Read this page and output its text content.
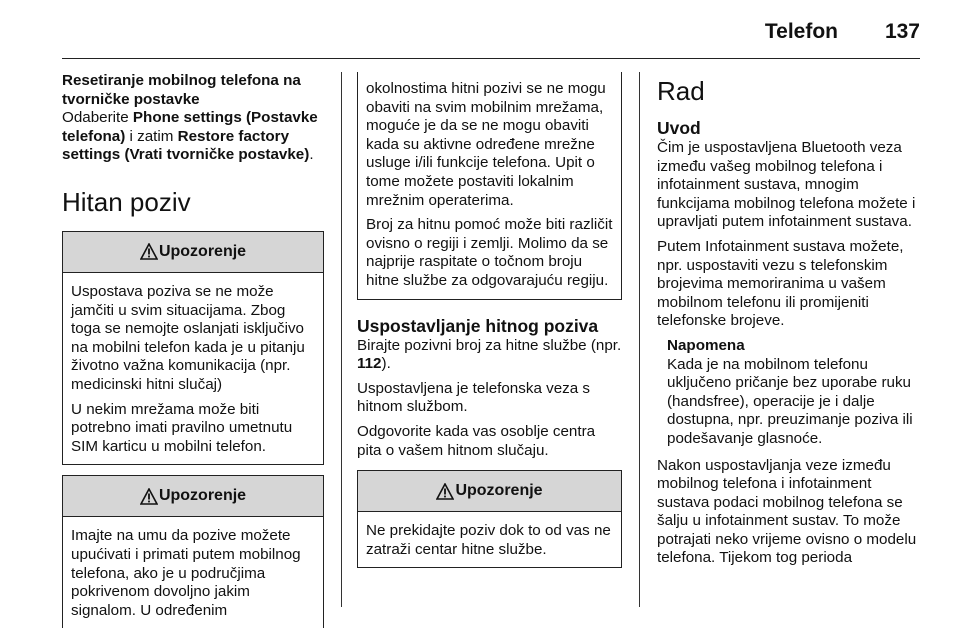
Telefon 137
Resetiranje mobilnog telefona na tvorničke postavke

Odaberite Phone settings (Postavke telefona) i zatim Restore factory settings (Vrati tvorničke postavke).

Hitan poziv
Upozorenje

Uspostava poziva se ne može jamčiti u svim situacijama. Zbog toga se nemojte oslanjati isključivo na mobilni telefon kada je u pitanju životno važna komunikacija (npr. medicinski hitni slučaj)

U nekim mrežama može biti potrebno imati pravilno umetnutu SIM karticu u mobilni telefon.

Upozorenje

Imajte na umu da pozive možete upućivati i primati putem mobilnog telefona, ako je u područjima pokrivenom dovoljno jakim signalom. U određenim

okolnostima hitni pozivi se ne mogu obaviti na svim mobilnim mrežama, moguće je da se ne mogu obaviti kada su aktivne određene mrežne usluge i/ili funkcije telefona. Upit o tome možete postaviti lokalnim mrežnim operaterima.

Broj za hitnu pomoć može biti različit ovisno o regiji i zemlji. Molimo da se najprije raspitate o točnom broju hitne službe za odgovarajuću regiju.

Uspostavljanje hitnog poziva

Birajte pozivni broj za hitne službe (npr. 112).

Uspostavljena je telefonska veza s hitnom službom.

Odgovorite kada vas osoblje centra pita o vašem hitnom slučaju.

Upozorenje

Ne prekidajte poziv dok to od vas ne zatraži centar hitne službe.

Rad
Uvod

Čim je uspostavljena Bluetooth veza između vašeg mobilnog telefona i infotainment sustava, mnogim funkcijama mobilnog telefona možete i upravljati putem infotainment sustava.

Putem Infotainment sustava možete, npr. uspostaviti vezu s telefonskim brojevima memoriranima u vašem mobilnom telefonu ili promijeniti telefonske brojeve.

Napomena
Kada je na mobilnom telefonu uključeno pričanje bez uporabe ruku (handsfree), operacije je i dalje dostupna, npr. preuzimanje poziva ili podešavanje glasnoće.

Nakon uspostavljanja veze između mobilnog telefona i infotainment sustava podaci mobilnog telefona se šalju u infotainment sustav. To može potrajati neko vrijeme ovisno o modelu telefona. Tijekom tog perioda
